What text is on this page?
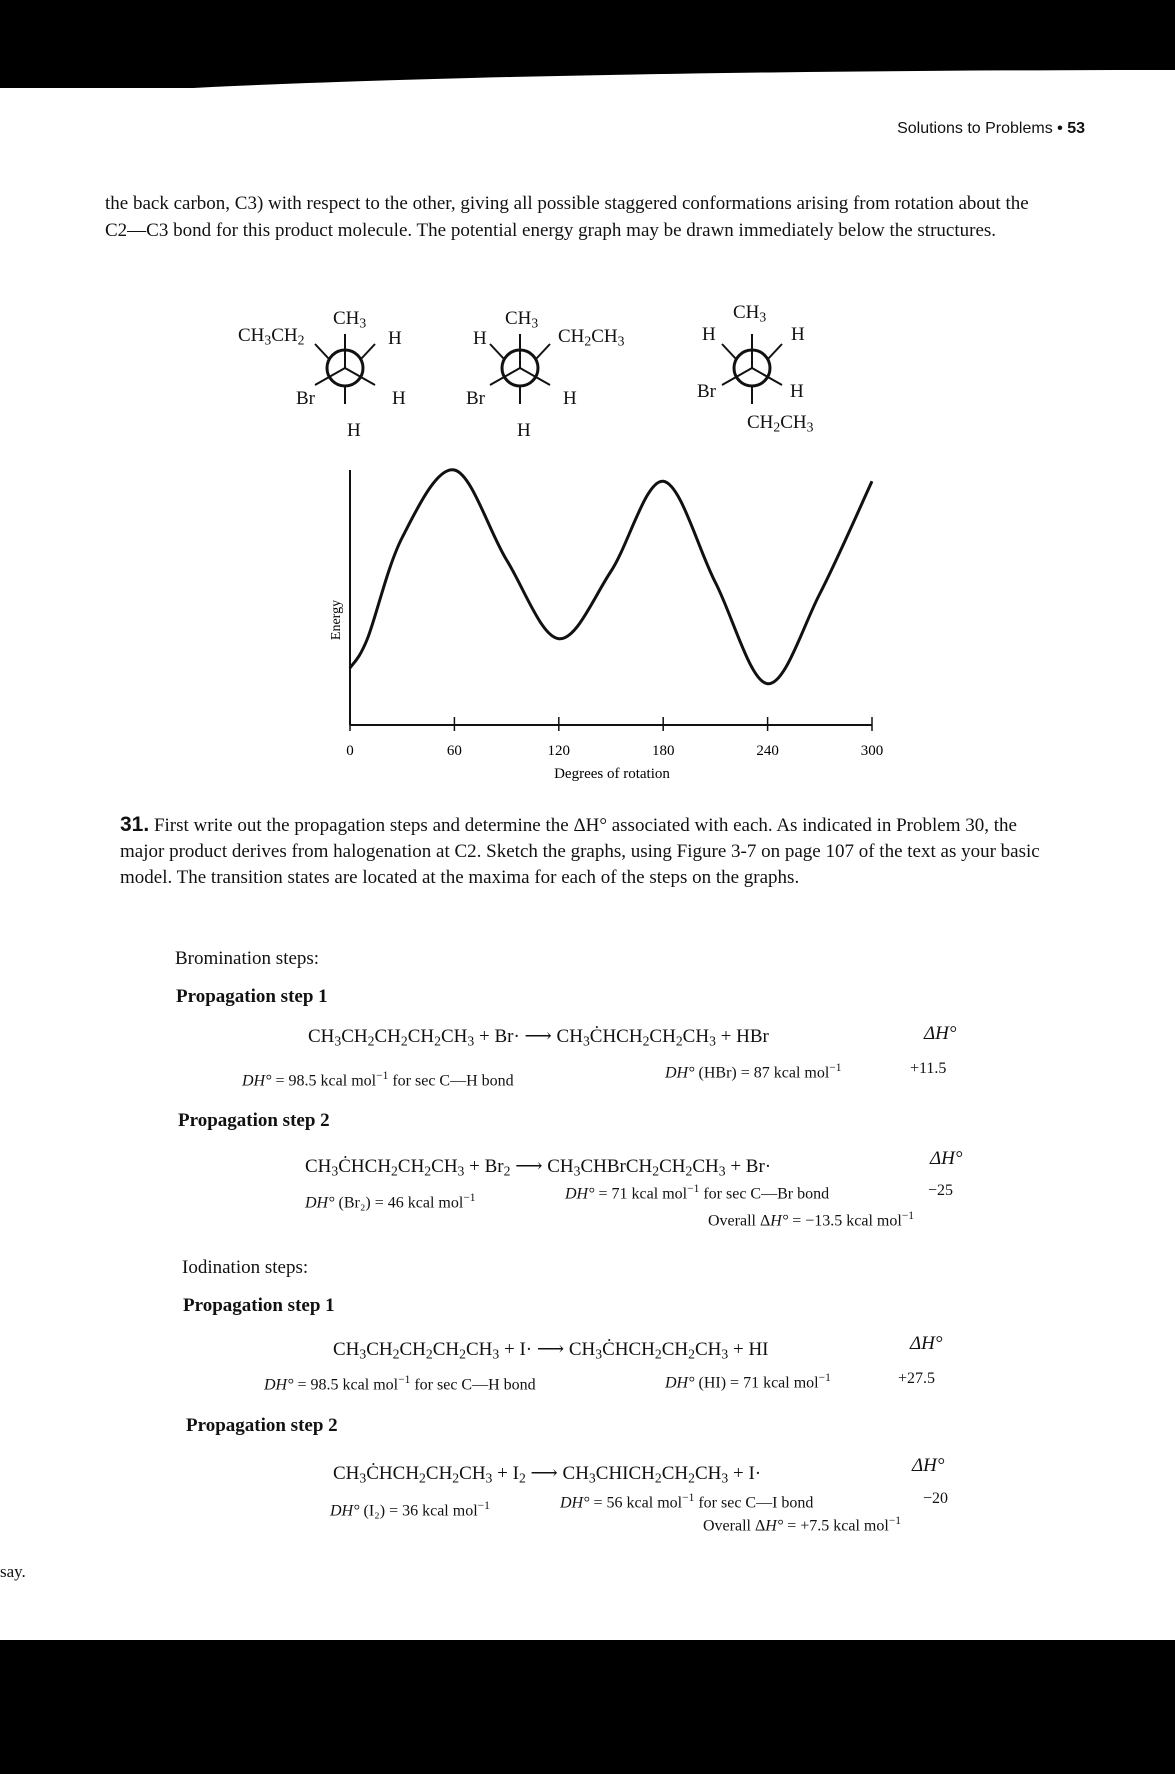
Solutions to Problems • 53
the back carbon, C3) with respect to the other, giving all possible staggered conformations arising from rotation about the C2—C3 bond for this product molecule. The potential energy graph may be drawn immediately below the structures.
$CH_3CH_2$
$CH_3$
H
Br	H
H
H
$CH_3$
$CH_2CH_3$
Br	H
H
H
$CH_3$
H
Br	H
$CH_2CH_3$
Energy
Degrees of rotation
0	60	120	180	240	300
31. First write out the propagation steps and determine the ΔH° associated with each. As indicated in Problem 30, the major product derives from halogenation at C2. Sketch the graphs, using Figure 3-7 on page 107 of the text as your basic model. The transition states are located at the maxima for each of the steps on the graphs.
Bromination steps:
Propagation step 1
$CH_3CH_2CH_2CH_2CH_3 + Br\cdot$ ⟶ $CH_3ĊHCH_2CH_2CH_3$ + HBr	ΔH°
DH° = 98.5 kcal mol$^{-1}$ for sec C—H bond	DH° (HBr) = 87 kcal mol$^{-1}$	+11.5
Propagation step 2
$CH_3ĊHCH_2CH_2CH_3 + Br_2$ ⟶ $CH_3CHBrCH_2CH_2CH_3 + Br\cdot$	ΔH°
DH° (Br₂) = 46 kcal mol$^{-1}$	DH° = 71 kcal mol$^{-1}$ for sec C—Br bond	−25
Overall ΔH° = −13.5 kcal mol$^{-1}$
Iodination steps:
Propagation step 1
$CH_3CH_2CH_2CH_2CH_3 + I\cdot$ ⟶ $CH_3ĊHCH_2CH_2CH_3$ + HI	ΔH°
DH° = 98.5 kcal mol$^{-1}$ for sec C—H bond	DH° (HI) = 71 kcal mol$^{-1}$	+27.5
Propagation step 2
$CH_3ĊHCH_2CH_2CH_3 + I_2$ ⟶ $CH_3CHICH_2CH_2CH_3 + I\cdot$	ΔH°
DH° (I₂) = 36 kcal mol$^{-1}$	DH° = 56 kcal mol$^{-1}$ for sec C—I bond	−20
Overall ΔH° = +7.5 kcal mol$^{-1}$
say.
